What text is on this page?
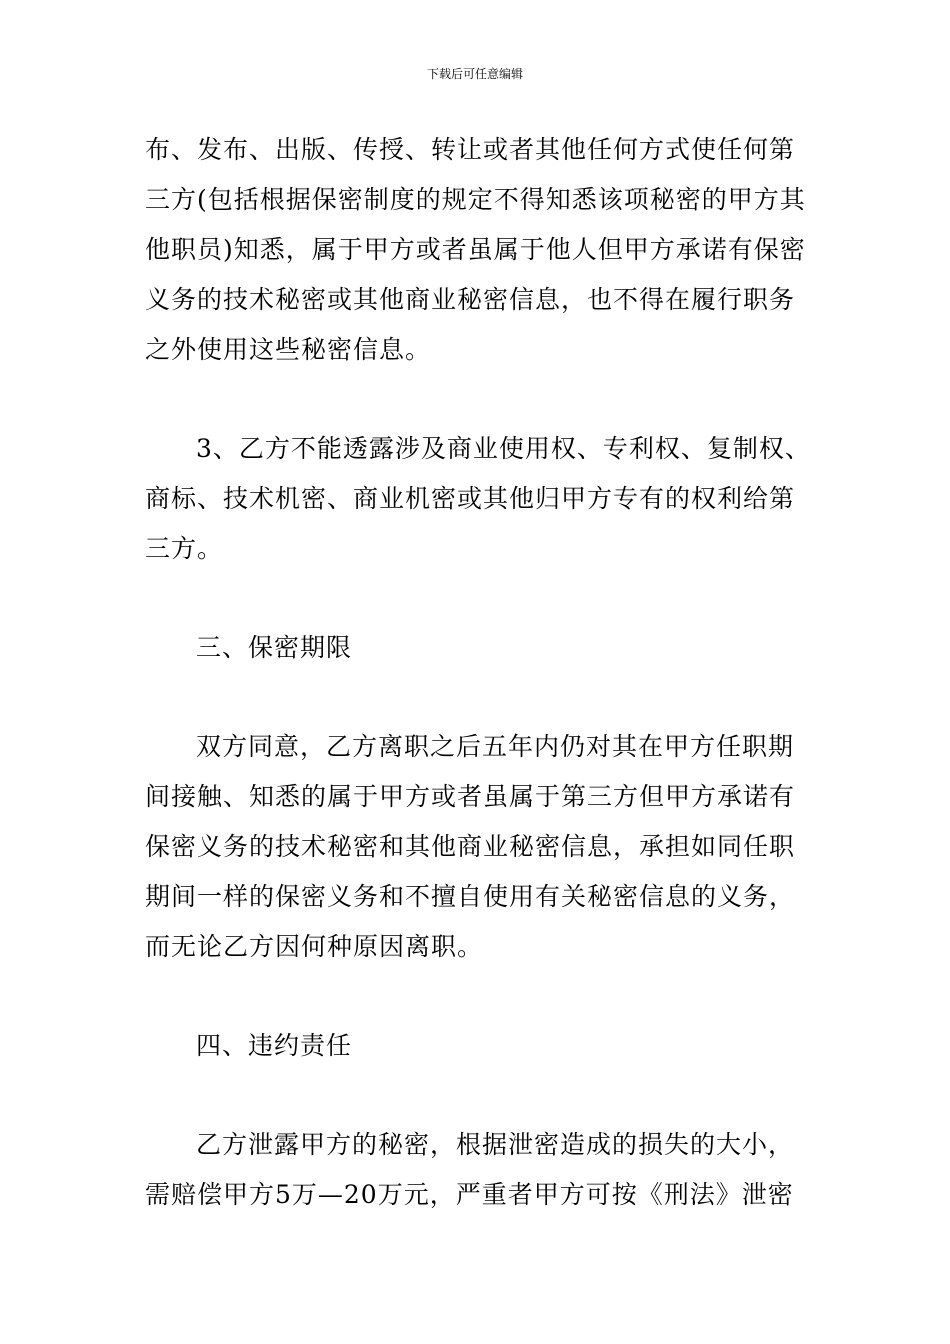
下载后可任意编辑
布、发布、出版、传授、转让或者其他任何方式使任何第
三方(包括根据保密制度的规定不得知悉该项秘密的甲方其
他职员)知悉，属于甲方或者虽属于他人但甲方承诺有保密
义务的技术秘密或其他商业秘密信息，也不得在履行职务
之外使用这些秘密信息。
3、乙方不能透露涉及商业使用权、专利权、复制权、
商标、技术机密、商业机密或其他归甲方专有的权利给第
三方。
三、保密期限
双方同意，乙方离职之后五年内仍对其在甲方任职期
间接触、知悉的属于甲方或者虽属于第三方但甲方承诺有
保密义务的技术秘密和其他商业秘密信息，承担如同任职
期间一样的保密义务和不擅自使用有关秘密信息的义务，
而无论乙方因何种原因离职。
四、违约责任
乙方泄露甲方的秘密，根据泄密造成的损失的大小，
需赔偿甲方5万—20万元，严重者甲方可按《刑法》泄密
